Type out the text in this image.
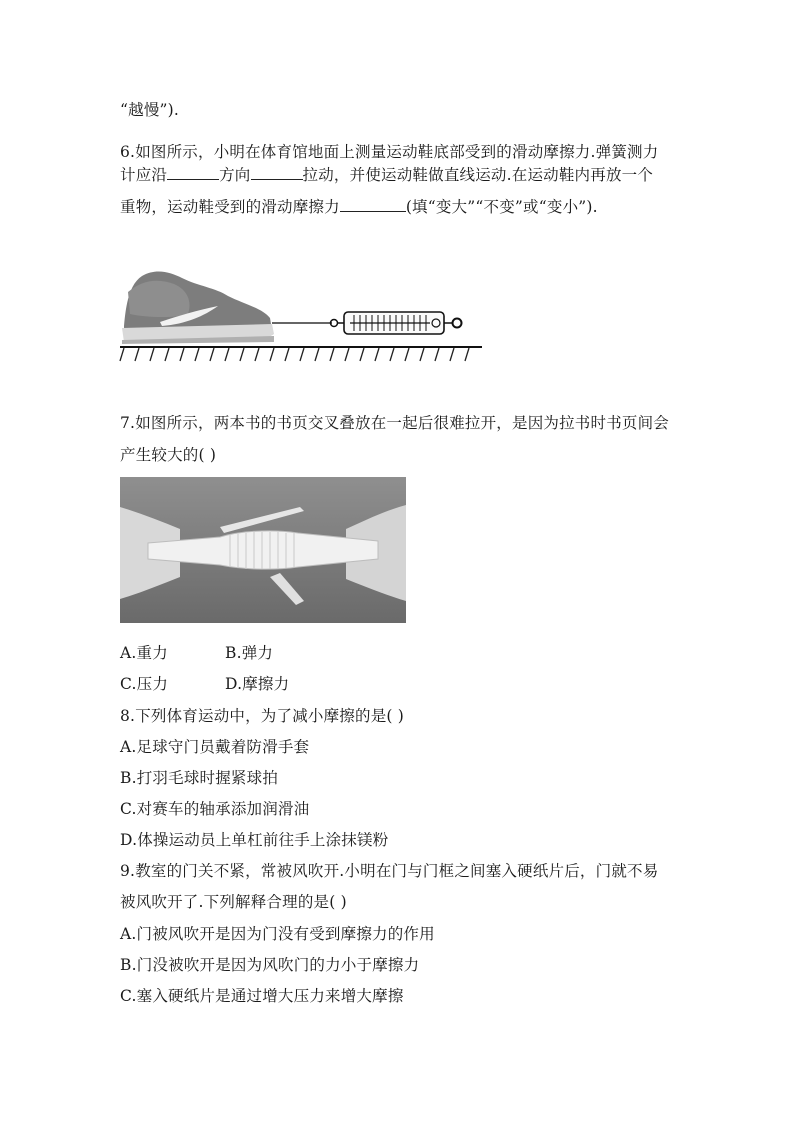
“越慢”).
6.如图所示，小明在体育馆地面上测量运动鞋底部受到的滑动摩擦力.弹簧测力
计应沿	方向	拉动，并使运动鞋做直线运动.在运动鞋内再放一个
重物，运动鞋受到的滑动摩擦力	(填“变大”“不变”或“变小”).
7.如图所示，两本书的书页交叉叠放在一起后很难拉开，是因为拉书时书页间会
产生较大的( )
A.重力	B.弹力
C.压力	D.摩擦力
8.下列体育运动中，为了减小摩擦的是( )
A.足球守门员戴着防滑手套
B.打羽毛球时握紧球拍
C.对赛车的轴承添加润滑油
D.体操运动员上单杠前往手上涂抹镁粉
9.教室的门关不紧，常被风吹开.小明在门与门框之间塞入硬纸片后，门就不易
被风吹开了.下列解释合理的是( )
A.门被风吹开是因为门没有受到摩擦力的作用
B.门没被吹开是因为风吹门的力小于摩擦力
C.塞入硬纸片是通过增大压力来增大摩擦
